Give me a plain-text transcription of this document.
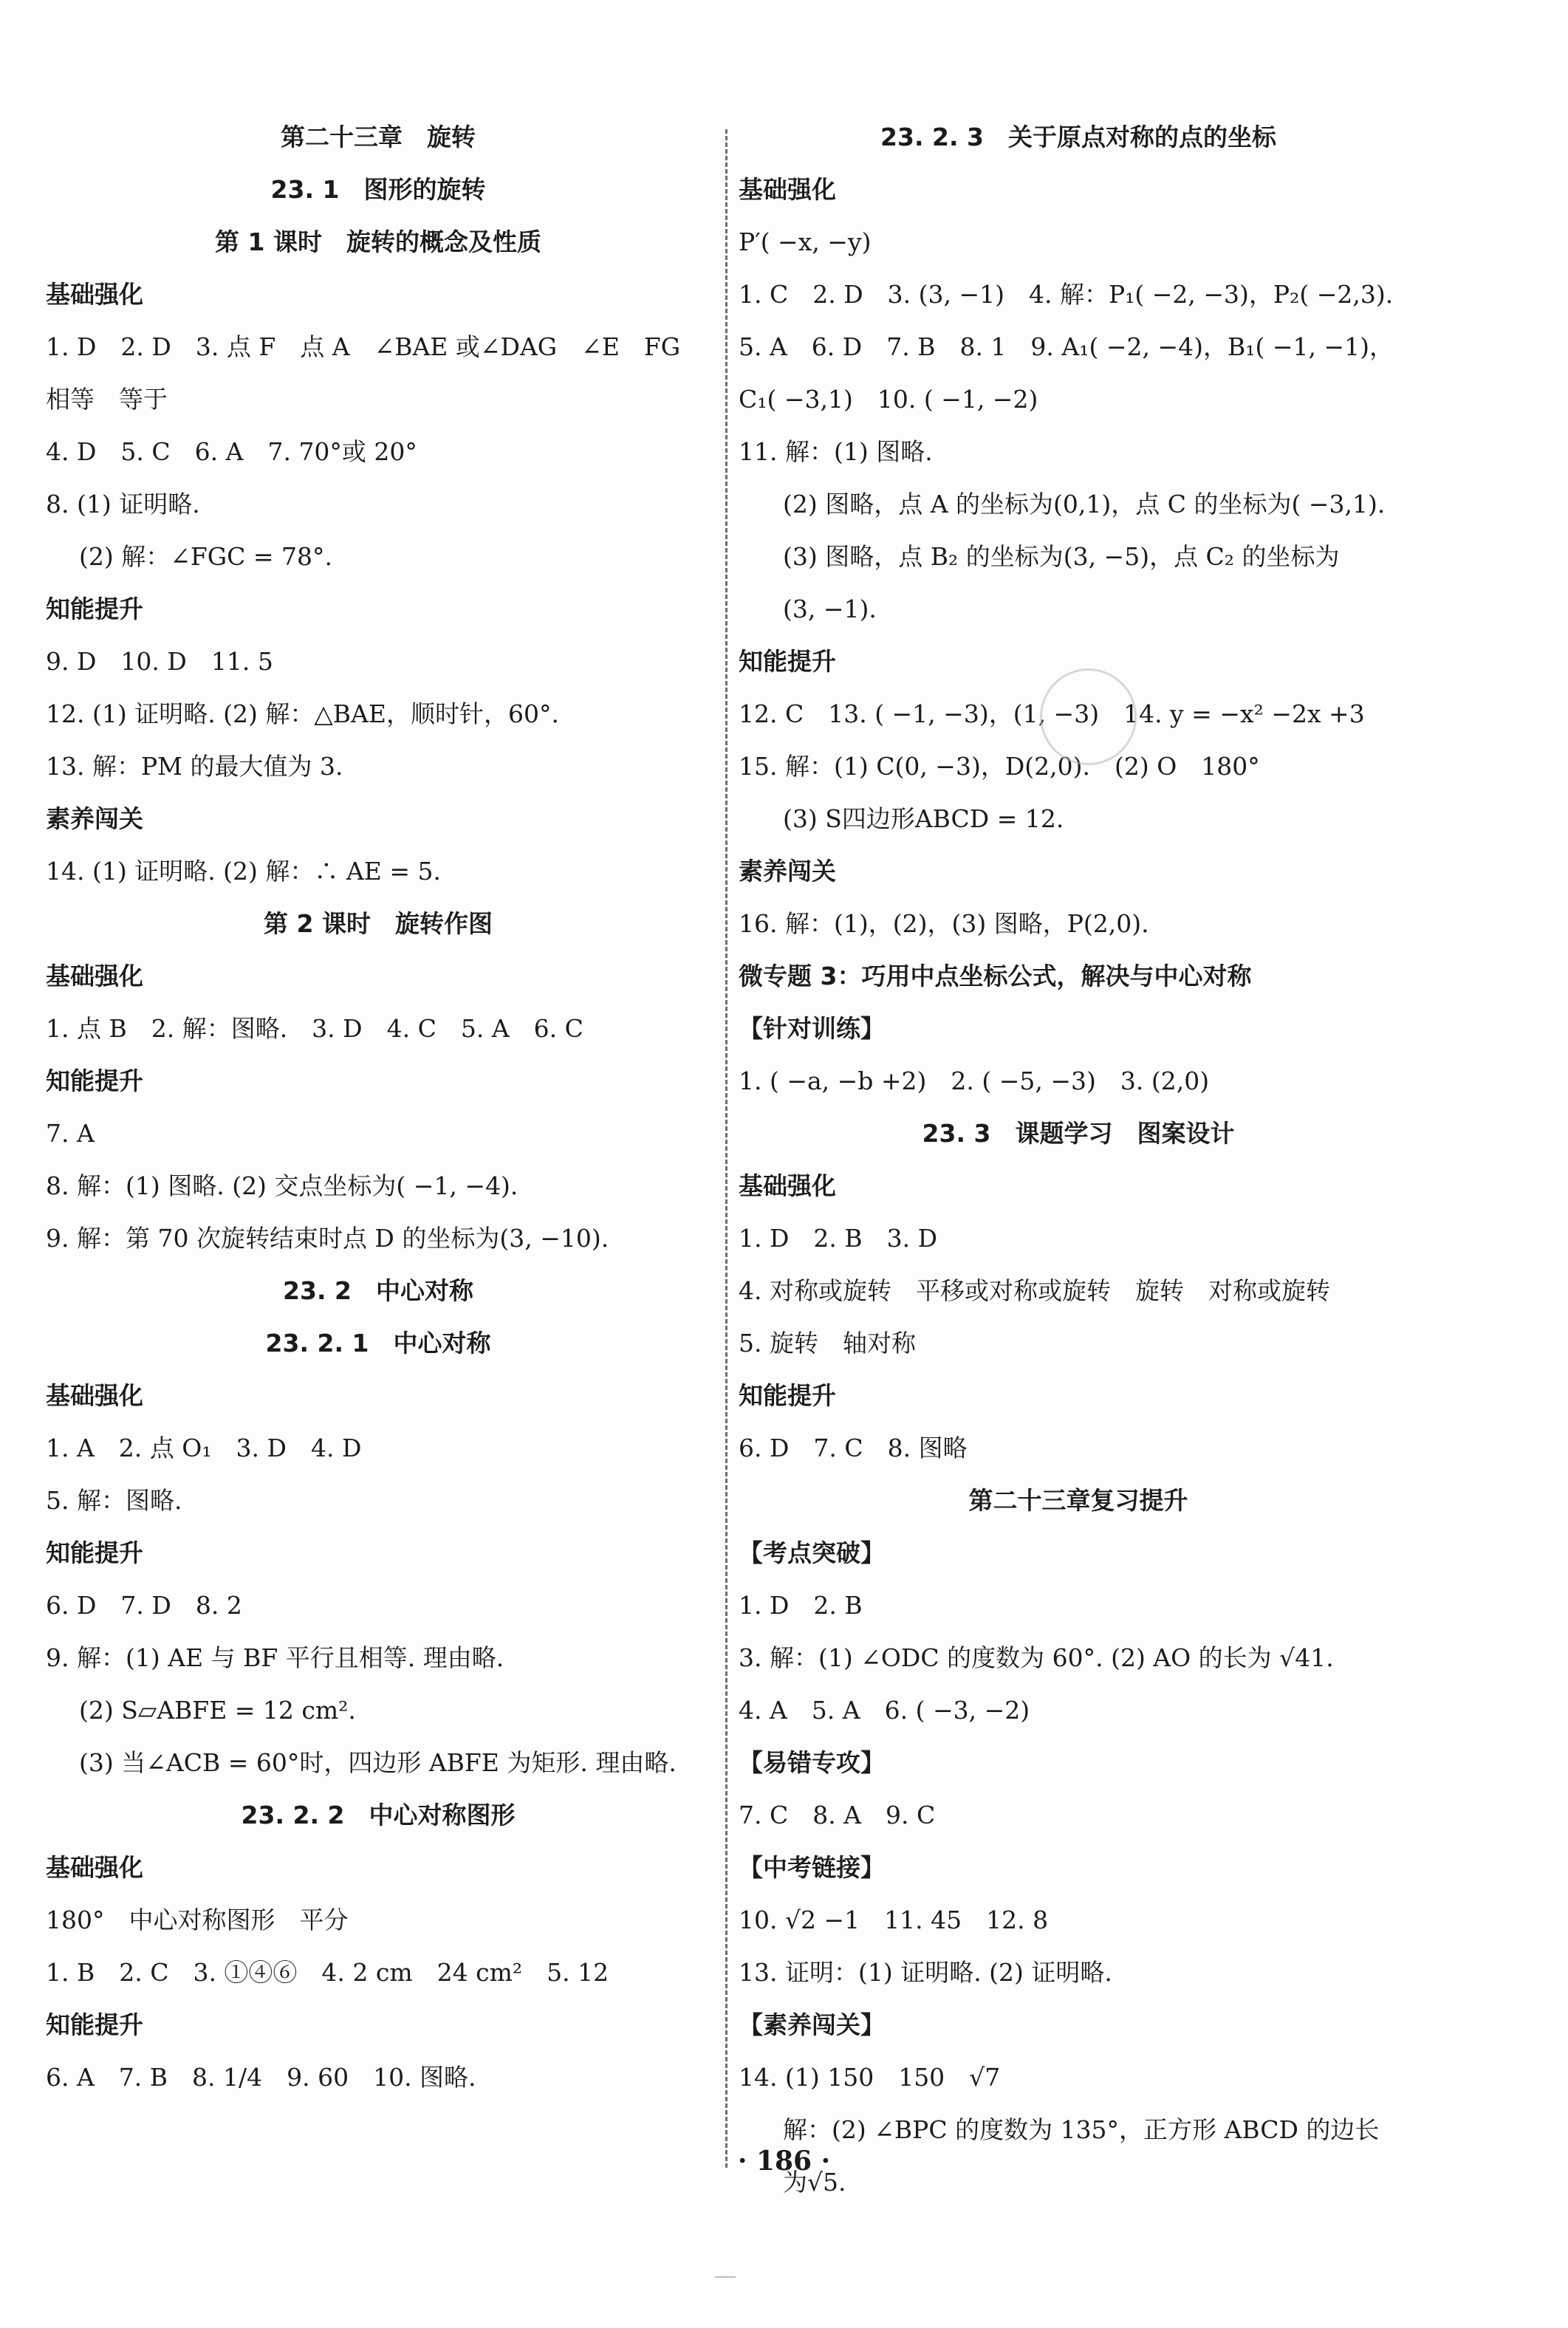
第二十三章　旋转
23. 1　图形的旋转
第 1 课时　旋转的概念及性质
基础强化
1. D　2. D　3. 点 F　点 A　∠BAE 或∠DAG　∠E　FG
相等　等于
4. D　5. C　6. A　7. 70°或 20°
8. (1) 证明略.
(2) 解：∠FGC = 78°.
知能提升
9. D　10. D　11. 5
12. (1) 证明略. (2) 解：△BAE，顺时针，60°.
13. 解：PM 的最大值为 3.
素养闯关
14. (1) 证明略. (2) 解：∴ AE = 5.
第 2 课时　旋转作图
基础强化
1. 点 B　2. 解：图略.　3. D　4. C　5. A　6. C
知能提升
7. A
8. 解：(1) 图略. (2) 交点坐标为( −1, −4).
9. 解：第 70 次旋转结束时点 D 的坐标为(3, −10).
23. 2　中心对称
23. 2. 1　中心对称
基础强化
1. A　2. 点 O₁　3. D　4. D
5. 解：图略.
知能提升
6. D　7. D　8. 2
9. 解：(1) AE 与 BF 平行且相等. 理由略.
(2) S▱ABFE = 12 cm².
(3) 当∠ACB = 60°时，四边形 ABFE 为矩形. 理由略.
23. 2. 2　中心对称图形
基础强化
180°　中心对称图形　平分
1. B　2. C　3. ①④⑥　4. 2 cm　24 cm²　5. 12
知能提升
6. A　7. B　8. 1/4　9. 60　10. 图略.
23. 2. 3　关于原点对称的点的坐标
基础强化
P′( −x, −y)
1. C　2. D　3. (3, −1)　4. 解：P₁( −2, −3)，P₂( −2,3).
5. A　6. D　7. B　8. 1　9. A₁( −2, −4)，B₁( −1, −1)，
C₁( −3,1)　10. ( −1, −2)
11. 解：(1) 图略.
(2) 图略，点 A 的坐标为(0,1)，点 C 的坐标为( −3,1).
(3) 图略，点 B₂ 的坐标为(3, −5)，点 C₂ 的坐标为
(3, −1).
知能提升
12. C　13. ( −1, −3)，(1, −3)　14. y = −x² −2x +3
15. 解：(1) C(0, −3)，D(2,0).　(2) O　180°
(3) S四边形ABCD = 12.
素养闯关
16. 解：(1)，(2)，(3) 图略，P(2,0).
微专题 3：巧用中点坐标公式，解决与中心对称
【针对训练】
1. ( −a, −b +2)　2. ( −5, −3)　3. (2,0)
23. 3　课题学习　图案设计
基础强化
1. D　2. B　3. D
4. 对称或旋转　平移或对称或旋转　旋转　对称或旋转
5. 旋转　轴对称
知能提升
6. D　7. C　8. 图略
第二十三章复习提升
【考点突破】
1. D　2. B
3. 解：(1) ∠ODC 的度数为 60°. (2) AO 的长为 √41.
4. A　5. A　6. ( −3, −2)
【易错专攻】
7. C　8. A　9. C
【中考链接】
10. √2 −1　11. 45　12. 8
13. 证明：(1) 证明略. (2) 证明略.
【素养闯关】
14. (1) 150　150　√7
解：(2) ∠BPC 的度数为 135°，正方形 ABCD 的边长
为√5.
· 186 ·
